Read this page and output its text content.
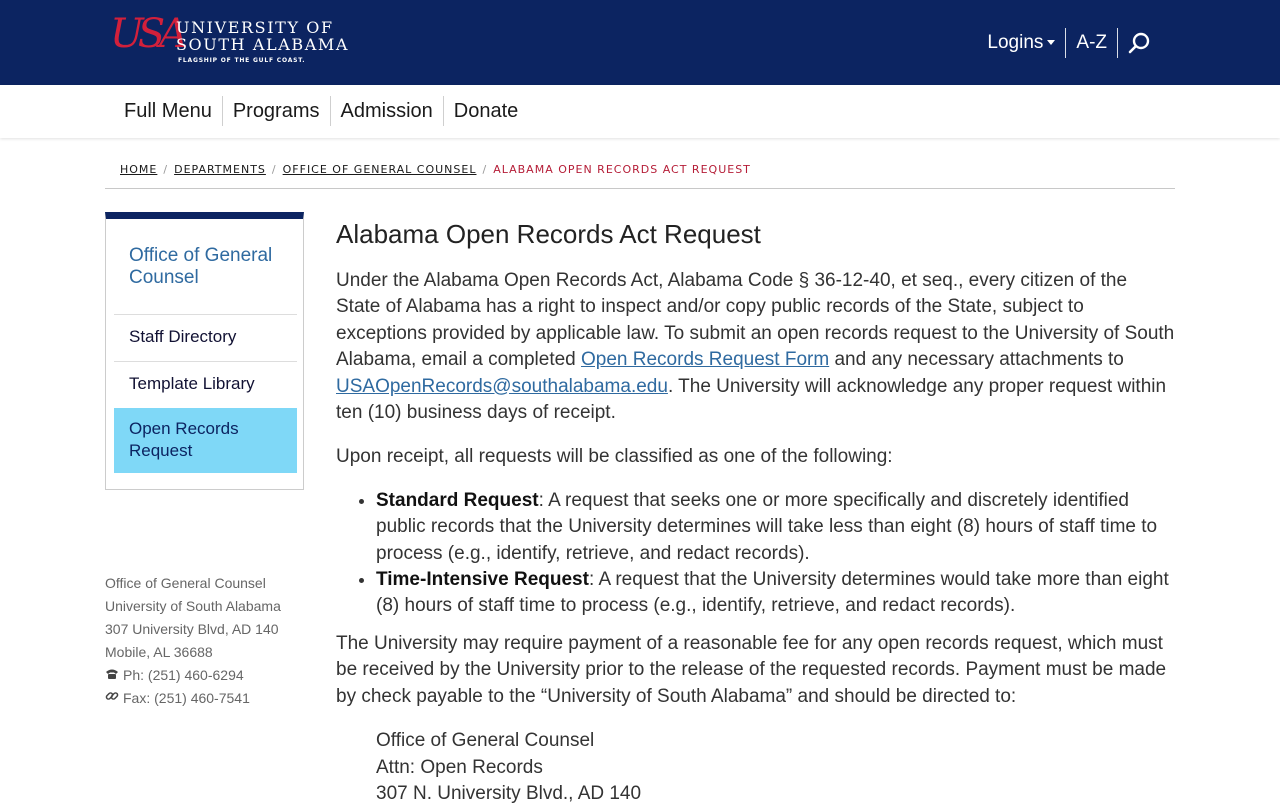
USA
UNIVERSITY OF
SOUTH ALABAMA
FLAGSHIP OF THE GULF COAST.
Logins	A-Z
Full Menu	Programs	Admission	Donate
HOME / DEPARTMENTS / OFFICE OF GENERAL COUNSEL / ALABAMA OPEN RECORDS ACT REQUEST
Office of General Counsel
Staff Directory
Template Library
Open Records Request
Office of General Counsel
University of South Alabama
307 University Blvd, AD 140
Mobile, AL 36688
Ph: (251) 460-6294
Fax: (251) 460-7541
Alabama Open Records Act Request

Under the Alabama Open Records Act, Alabama Code § 36-12-40, et seq., every citizen of the State of Alabama has a right to inspect and/or copy public records of the State, subject to exceptions provided by applicable law. To submit an open records request to the University of South Alabama, email a completed Open Records Request Form and any necessary attachments to USAOpenRecords@southalabama.edu. The University will acknowledge any proper request within ten (10) business days of receipt.

Upon receipt, all requests will be classified as one of the following:

• Standard Request: A request that seeks one or more specifically and discretely identified public records that the University determines will take less than eight (8) hours of staff time to process (e.g., identify, retrieve, and redact records).
• Time-Intensive Request: A request that the University determines would take more than eight (8) hours of staff time to process (e.g., identify, retrieve, and redact records).

The University may require payment of a reasonable fee for any open records request, which must be received by the University prior to the release of the requested records. Payment must be made by check payable to the “University of South Alabama” and should be directed to:

Office of General Counsel
Attn: Open Records
307 N. University Blvd., AD 140
